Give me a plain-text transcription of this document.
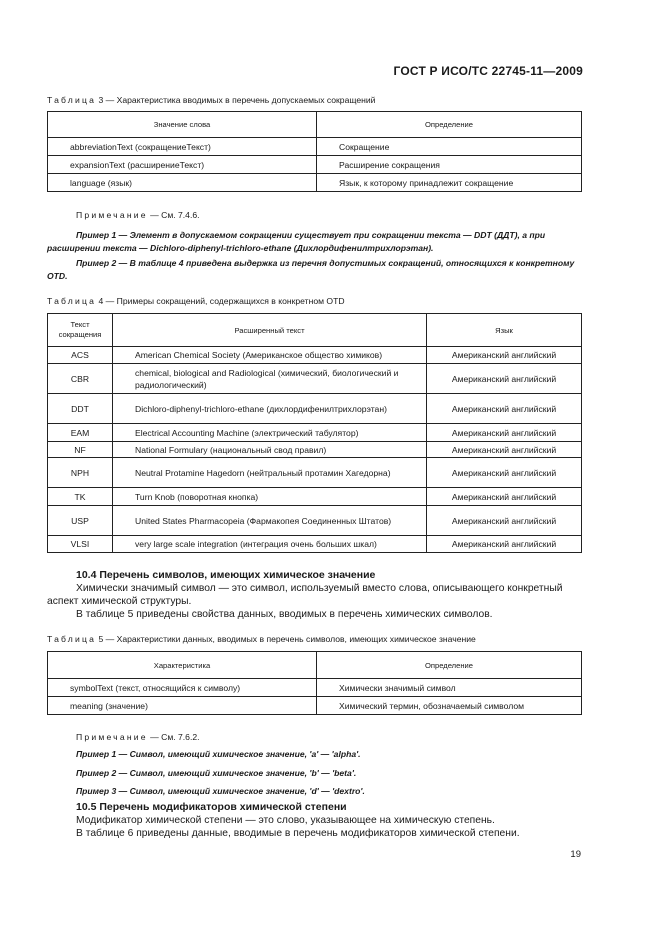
ГОСТ Р ИСО/ТС 22745-11—2009
Таблица 3 — Характеристика вводимых в перечень допускаемых сокращений
Значение слова	Определение
abbreviationText (сокращениеТекст)	Сокращение
expansionText (расширениеТекст)	Расширение сокращения
language (язык)	Язык, к которому принадлежит сокращение
Примечание — См. 7.4.6.
Пример 1 — Элемент в допускаемом сокращении существует при сокращении текста — DDT (ДДТ), а при расширении текста — Dichloro-diphenyl-trichloro-ethane (Дихлордифенилтрихлорэтан).
Пример 2 — В таблице 4 приведена выдержка из перечня допустимых сокращений, относящихся к конкретному OTD.
Таблица 4 — Примеры сокращений, содержащихся в конкретном OTD
Текст сокращения	Расширенный текст	Язык
ACS	American Chemical Society (Американское общество химиков)	Американский английский
CBR	chemical, biological and Radiological (химический, биологический и радиологический)	Американский английский
DDT	Dichloro-diphenyl-trichloro-ethane (дихлордифенилтрихлорэтан)	Американский английский
EAM	Electrical Accounting Machine (электрический табулятор)	Американский английский
NF	National Formulary (национальный свод правил)	Американский английский
NPH	Neutral Protamine Hagedorn (нейтральный протамин Хагедорна)	Американский английский
TK	Turn Knob (поворотная кнопка)	Американский английский
USP	United States Pharmacopeia (Фармакопея Соединенных Штатов)	Американский английский
VLSI	very large scale integration (интеграция очень больших шкал)	Американский английский
10.4 Перечень символов, имеющих химическое значение
Химически значимый символ — это символ, используемый вместо слова, описывающего конкретный аспект химической структуры.
В таблице 5 приведены свойства данных, вводимых в перечень химических символов.
Таблица 5 — Характеристики данных, вводимых в перечень символов, имеющих химическое значение
Характеристика	Определение
symbolText (текст, относящийся к символу)	Химически значимый символ
meaning (значение)	Химический термин, обозначаемый символом
Примечание — См. 7.6.2.
Пример 1 — Символ, имеющий химическое значение, 'a' — 'alpha'.
Пример 2 — Символ, имеющий химическое значение, 'b' — 'beta'.
Пример 3 — Символ, имеющий химическое значение, 'd' — 'dextro'.
10.5 Перечень модификаторов химической степени
Модификатор химической степени — это слово, указывающее на химическую степень.
В таблице 6 приведены данные, вводимые в перечень модификаторов химической степени.
19
